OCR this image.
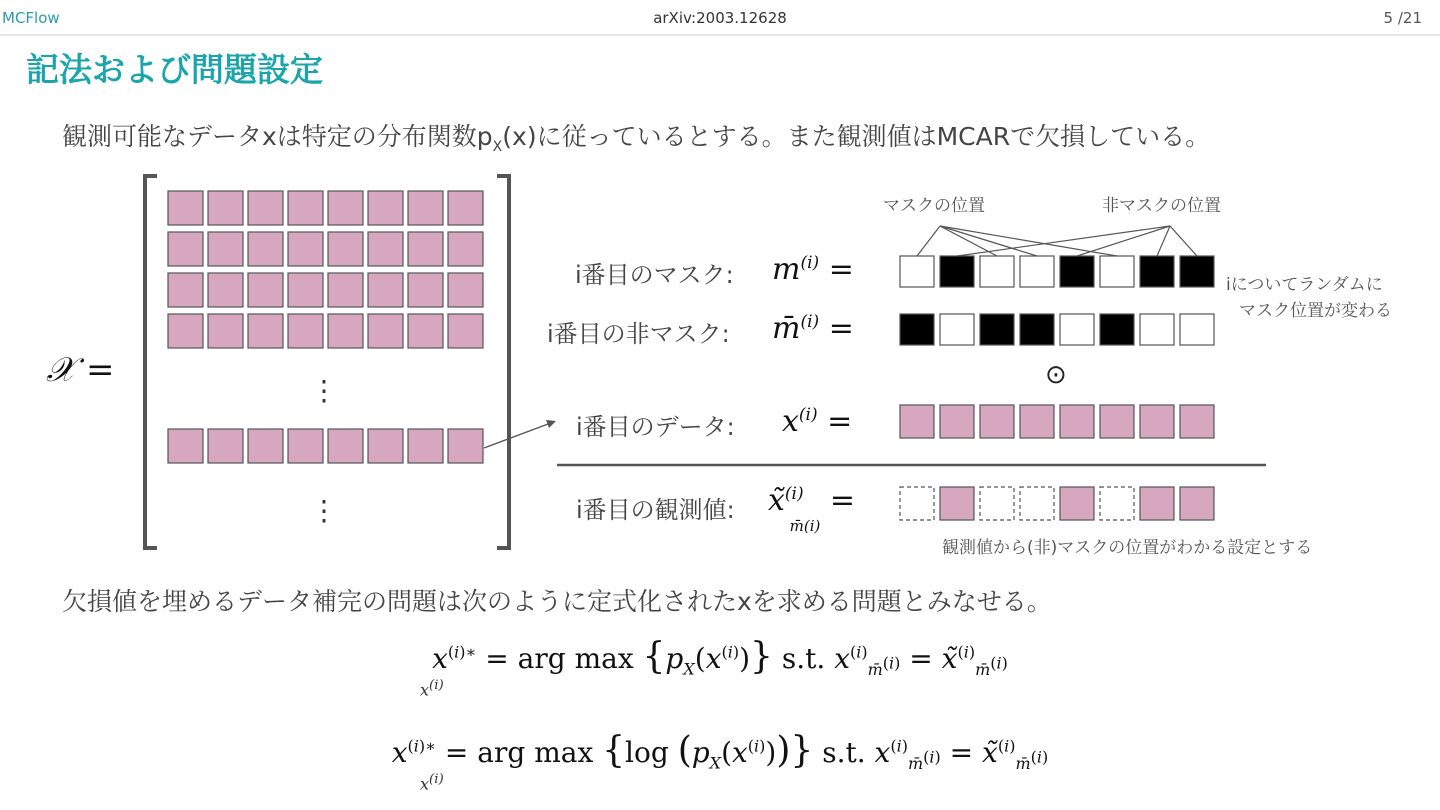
MCFlow	arXiv:2003.12628	5 /21
記法および問題設定
観測可能なデータxは特定の分布関数$p_X(x)$に従っているとする。また観測値はMCARで欠損している。
𝒳 =
⋮
⋮
マスクの位置	非マスクの位置
i番目のマスク:
i番目の非マスク:
i番目のデータ:
i番目の観測値:
$m^{(i)}$ =
m̄$^{(i)}$ =
$x^{(i)}$ =
x̃$^{(i)}_{m̄(i)}$ =
⊙
iについてランダムに
マスク位置が変わる
観測値から(非)マスクの位置がわかる設定とする
欠損値を埋めるデータ補完の問題は次のように定式化されたxを求める問題とみなせる。
$x^{(i)∗}$ = arg $\max \{p_X(x^{(i)})\}$ s.t. $x^{(i)}_{m̄^{(i)}}$ = x̃$^{(i)}_{m̄^{(i)}}$
$x^{(i)∗}$ = arg max {log $(p_X(x^{(i)}))$} s.t. $x^{(i)}_{m̄^{(i)}}$ = x̃$^{(i)}_{m̄^{(i)}}$
$x^{(i)}$
$x^{(i)}$
